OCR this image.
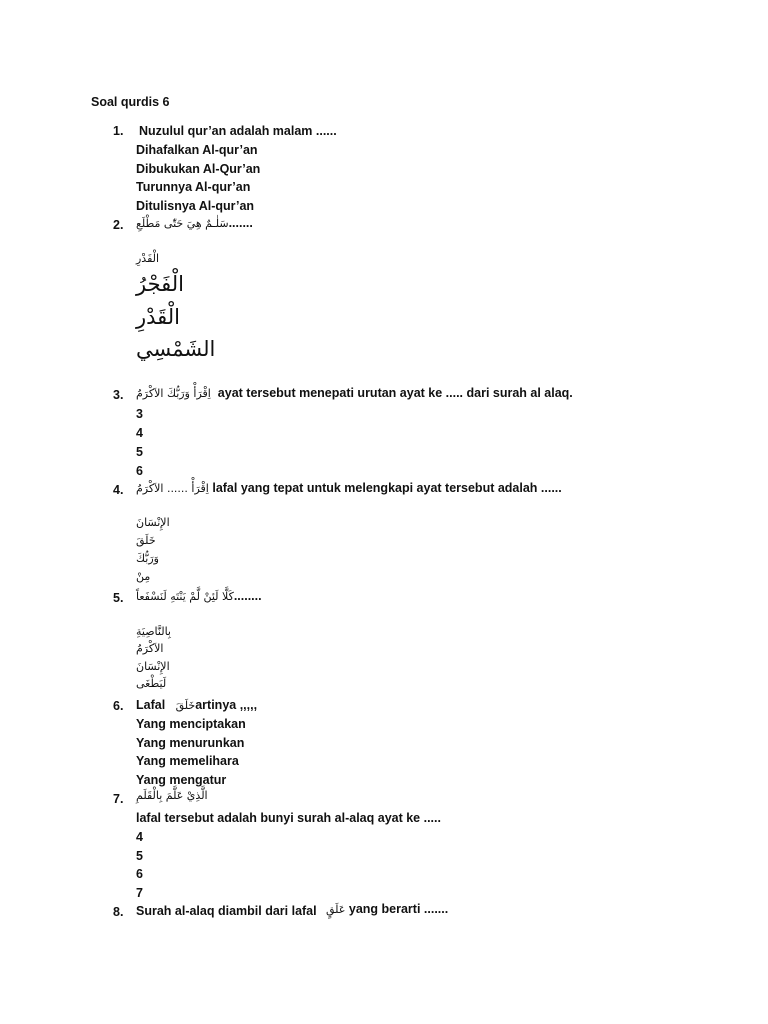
Soal qurdis 6
1. Nuzulul qur’an adalah malam ......
Dihafalkan Al-qur’an
Dibukukan Al-Qur’an
Turunnya Al-qur’an
Ditulisnya Al-qur’an
2. سَلٰـمٌ هِيَ حَتّٰى مَطْلَعِ.......
الْفَدْرِ
الْفَجْرُ
الْقَدْرِ
الشَمْسِي
3. اِقْرَأْ وَرَبُّكَ الاَكْرَمُ ayat tersebut menepati urutan ayat ke ..... dari surah al alaq.
3
4
5
6
4. اِقْرَأْ ...... الاَكْرَمُ lafal yang tepat untuk melengkapi ayat tersebut adalah ......
الإِنْسَانَ
خَلَقَ
وَرَبُّكَ
مِنْ
5. كَلَّا لَئِنْ لَّمْ يَنْتَهِ لَنَسْفَعاً........
بِالنَّاصِيَةِ
الاَكْرَمُ
الإِنْسَانَ
لَيَطْغَى
6. Lafal خَلَقَartinya ,,,,,
Yang menciptakan
Yang menurunkan
Yang memelihara
Yang mengatur
7. الَّذِيْ عَلَّمَ بِالْقَلَمِ
lafal tersebut adalah bunyi surah al-alaq ayat ke .....
4
5
6
7
8. Surah al-alaq diambil dari lafal عَلَقٍ yang berarti .......
